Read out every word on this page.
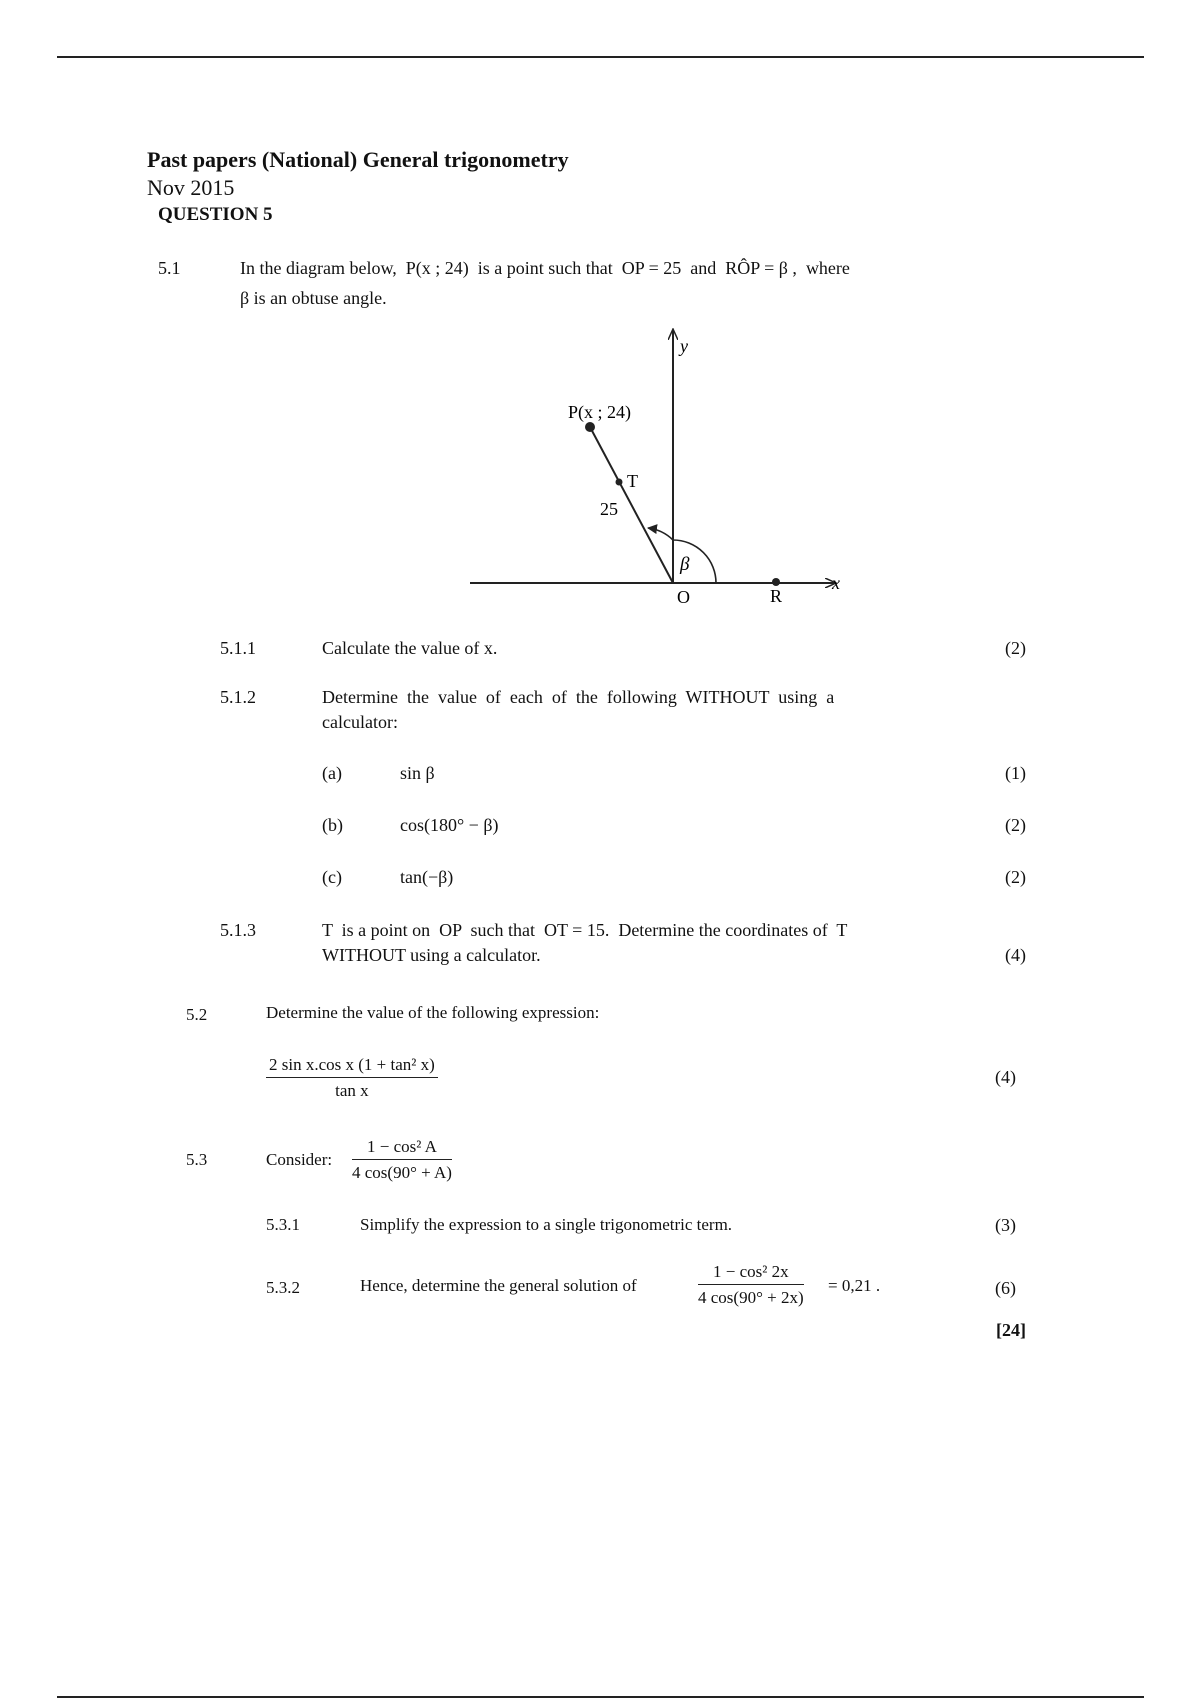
Past papers (National) General trigonometry
Nov 2015
QUESTION 5
5.1	In the diagram below, P(x ; 24) is a point such that OP = 25 and RÔP = β , where
β is an obtuse angle.
P(x ; 24)
T
25
β
O	R
x
y
5.1.1	Calculate the value of x.	(2)
5.1.2	Determine  the  value  of  each  of  the  following  WITHOUT  using  a
calculator:
(a)	sin β	(1)
(b)	cos(180° − β)	(2)
(c)	tan(−β)	(2)
5.1.3	T  is a point on  OP  such that  OT = 15.  Determine the coordinates of  T
WITHOUT using a calculator.	(4)
5.2	Determine the value of the following expression:
$\frac{\text{2 sin x.cos x (1 + tan² x)}}{\text{tan x}}$	(4)
5.3	Consider: $\frac{\text{1 − cos² A}}{4 \cos(90^\circ + A)}$
5.3.1	Simplify the expression to a single trigonometric term.	(3)
5.3.2	Hence, determine the general solution of	$\frac{\text{1 − cos² 2x}}{4 \cos(90^\circ + 2x)} = 0,21$ .	(6)
[24]
